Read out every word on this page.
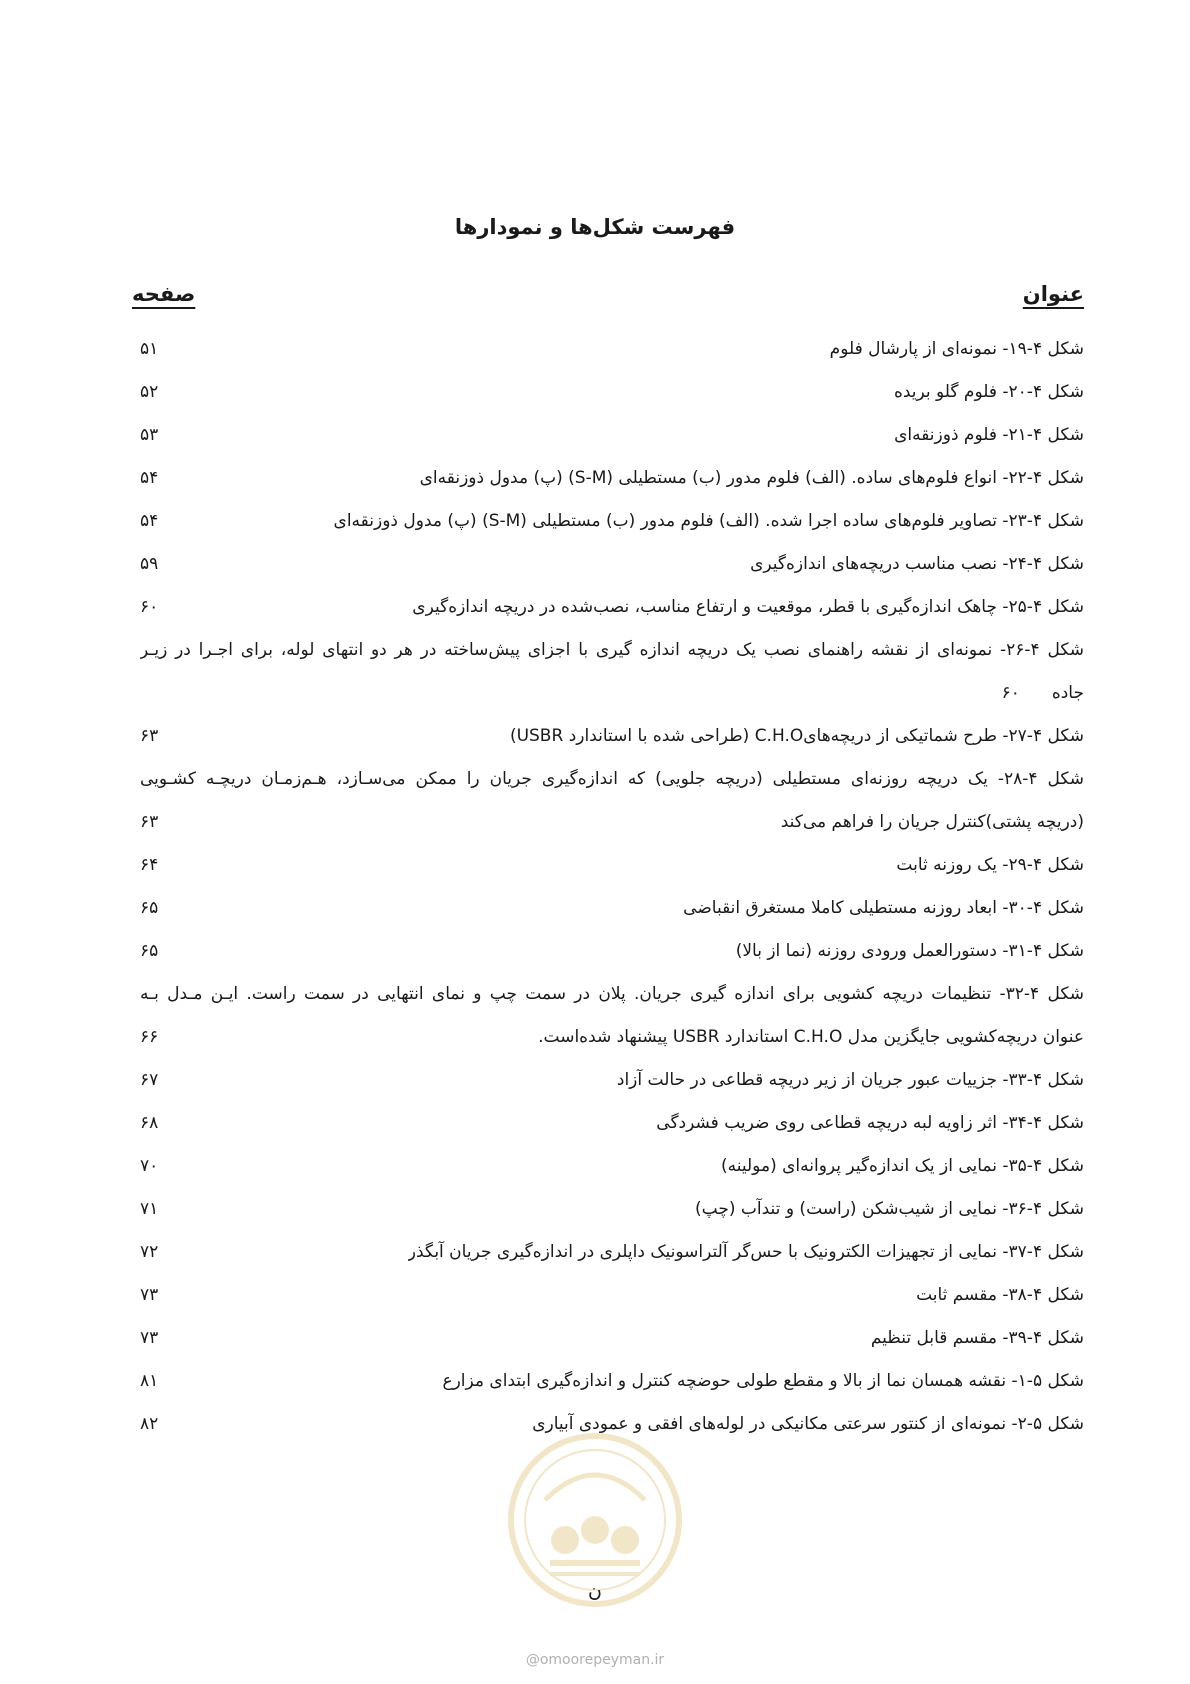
فهرست شکل‌ها و نمودارها
عنوان
صفحه
شکل ۴-۱۹- نمونه‌ای از پارشال فلوم
۵۱
شکل ۴-۲۰- فلوم گلو بریده
۵۲
شکل ۴-۲۱- فلوم ذوزنقه‌ای
۵۳
شکل ۴-۲۲- انواع فلوم‌های ساده. (الف) فلوم مدور (ب) مستطیلی (S-M) (پ) مدول ذوزنقه‌ای
۵۴
شکل ۴-۲۳- تصاویر فلوم‌های ساده اجرا شده. (الف) فلوم مدور (ب) مستطیلی (S-M) (پ) مدول ذوزنقه‌ای
۵۴
شکل ۴-۲۴- نصب مناسب دریچه‌های اندازه‌گیری
۵۹
شکل ۴-۲۵- چاهک اندازه‌گیری با قطر، موقعیت و ارتفاع مناسب، نصب‌شده در دریچه اندازه‌گیری
۶۰
شکل ۴-۲۶- نمونه‌ای از نقشه راهنمای نصب یک دریچه اندازه گیری با اجزای پیش‌ساخته در هر دو انتهای لوله، برای اجـرا در زیـر
جاده۶۰
شکل ۴-۲۷- طرح شماتیکی از دریچه‌هایC.H.O (طراحی شده با استاندارد USBR)
۶۳
شکل ۴-۲۸- یک دریچه روزنه‌ای مستطیلی (دریچه جلویی) که اندازه‌گیری جریان را ممکن می‌سـازد، هـم‌زمـان دریچـه کشـویی
(دریچه پشتی)کنترل جریان را فراهم می‌کند
۶۳
شکل ۴-۲۹- یک روزنه ثابت
۶۴
شکل ۴-۳۰- ابعاد روزنه مستطیلی کاملا مستغرق انقباضی
۶۵
شکل ۴-۳۱- دستورالعمل ورودی روزنه (نما از بالا)
۶۵
شکل ۴-۳۲- تنظیمات دریچه کشویی برای اندازه گیری جریان. پلان در سمت چپ و نمای انتهایی در سمت راست. ایـن مـدل بـه
عنوان دریچه‌کشویی جایگزین مدل C.H.O استاندارد USBR پیشنهاد شده‌است.
۶۶
شکل ۴-۳۳- جزییات عبور جریان از زیر دریچه قطاعی در حالت آزاد
۶۷
شکل ۴-۳۴- اثر زاویه لبه دریچه قطاعی روی ضریب فشردگی
۶۸
شکل ۴-۳۵- نمایی از یک اندازه‌گیر پروانه‌ای (مولینه)
۷۰
شکل ۴-۳۶- نمایی از شیب‌شکن (راست) و تندآب (چپ)
۷۱
شکل ۴-۳۷- نمایی از تجهیزات الکترونیک با حس‌گر آلتراسونیک داپلری در اندازه‌گیری جریان آبگذر
۷۲
شکل ۴-۳۸- مقسم ثابت
۷۳
شکل ۴-۳۹- مقسم قابل تنظیم
۷۳
شکل ۵-۱- نقشه همسان نما از بالا و مقطع طولی حوضچه کنترل و اندازه‌گیری ابتدای مزارع
۸۱
شکل ۵-۲- نمونه‌ای از کنتور سرعتی مکانیکی در لوله‌های افقی و عمودی آبیاری
۸۲
ن
@omoorepeyman.ir
